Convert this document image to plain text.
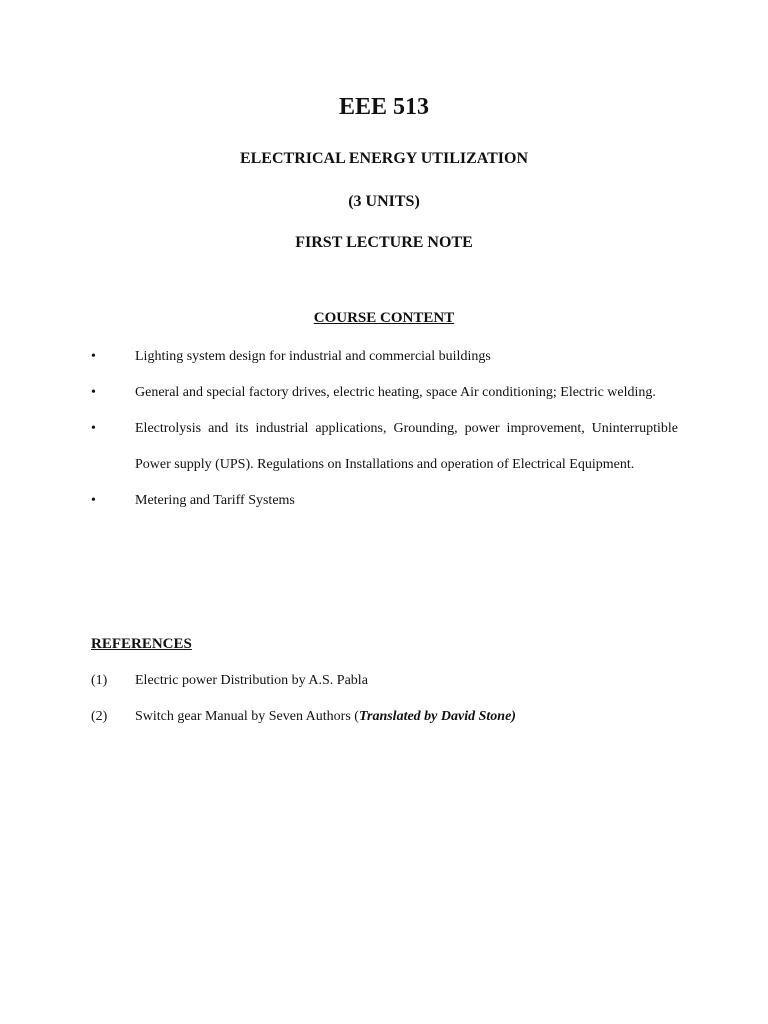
EEE 513
ELECTRICAL ENERGY UTILIZATION
(3 UNITS)
FIRST LECTURE NOTE
COURSE CONTENT
•	Lighting system design for industrial and commercial buildings
•	General and special factory drives, electric heating, space Air conditioning; Electric welding.
•	Electrolysis and its industrial applications, Grounding, power improvement, Uninterruptible Power supply (UPS). Regulations on Installations and operation of Electrical Equipment.
•	Metering and Tariff Systems
REFERENCES
(1) Electric power Distribution by A.S. Pabla
(2) Switch gear Manual by Seven Authors (Translated by David Stone)
